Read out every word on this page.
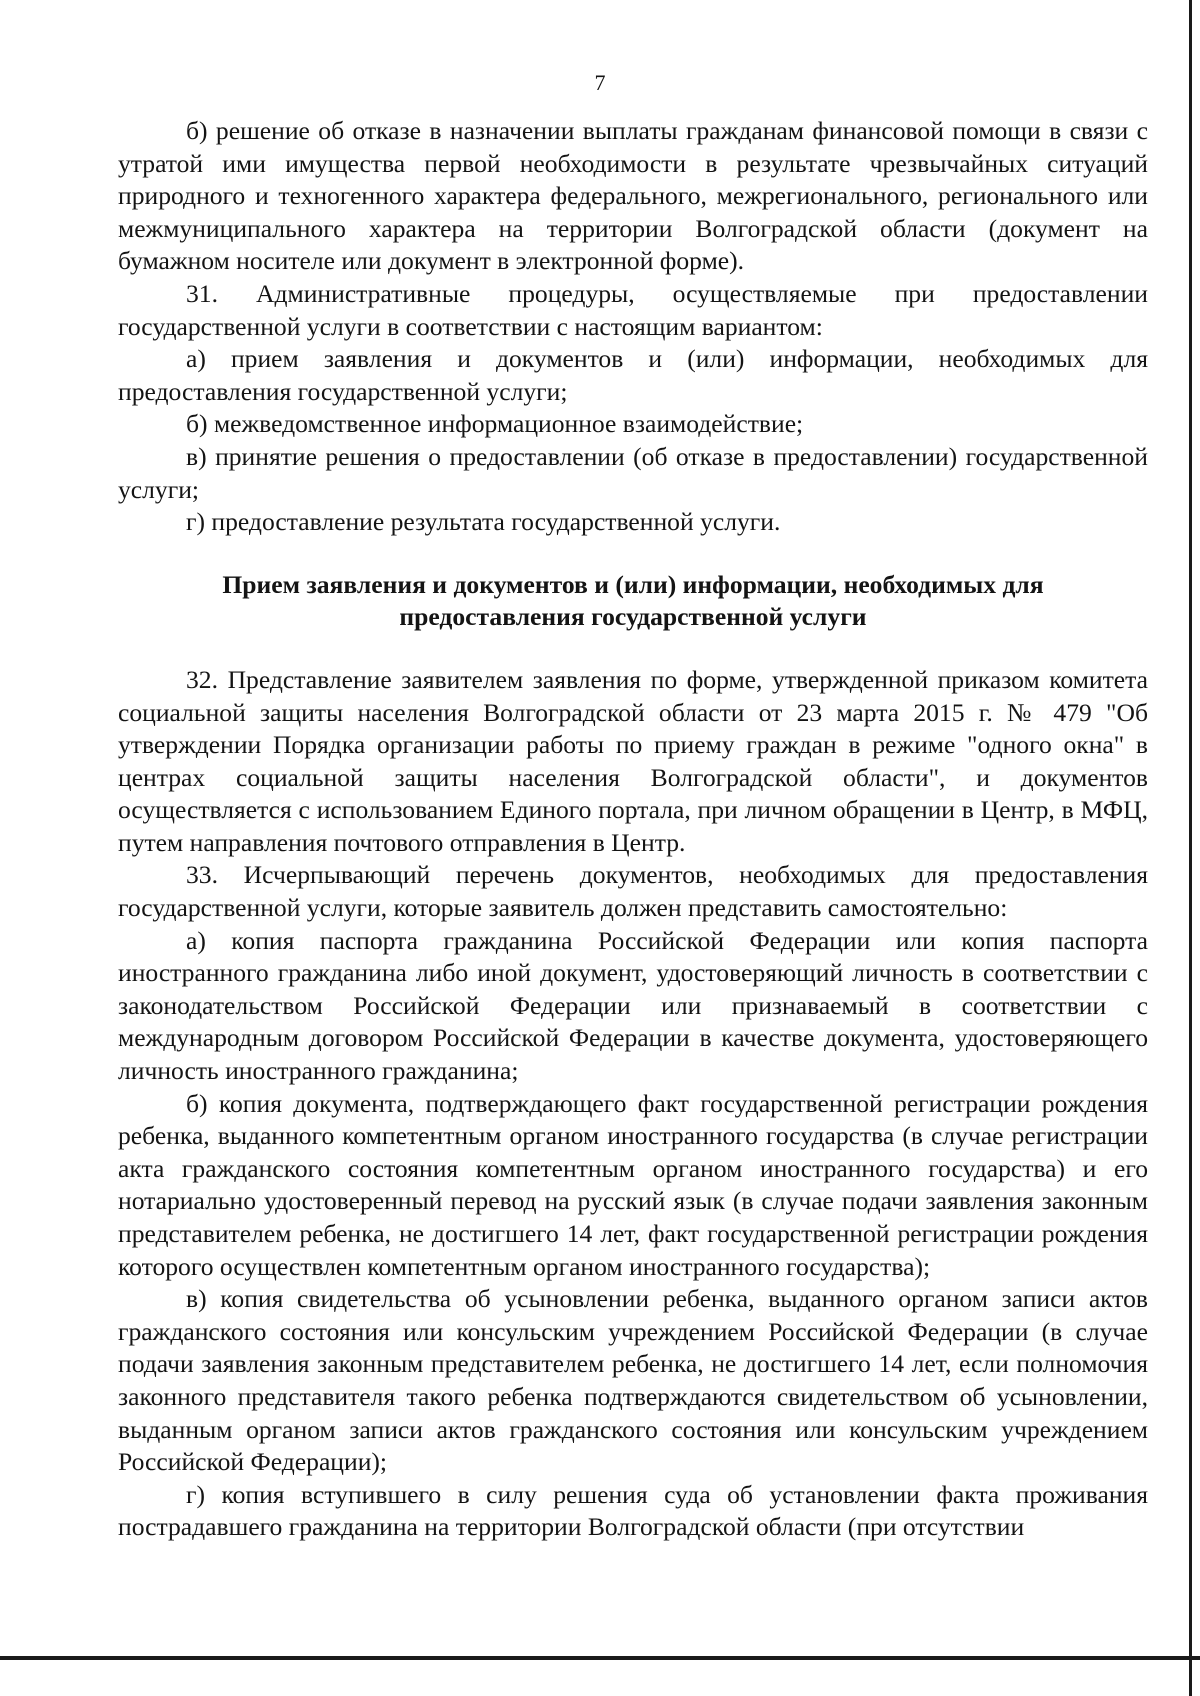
7

б) решение об отказе в назначении выплаты гражданам финансовой помощи в связи с утратой ими имущества первой необходимости в результате чрезвычайных ситуаций природного и техногенного характера федерального, межрегионального, регионального или межмуниципального характера на территории Волгоградской области (документ на бумажном носителе или документ в электронной форме).

31. Административные процедуры, осуществляемые при предоставлении государственной услуги в соответствии с настоящим вариантом:

а) прием заявления и документов и (или) информации, необходимых для предоставления государственной услуги;

б) межведомственное информационное взаимодействие;

в) принятие решения о предоставлении (об отказе в предоставлении) государственной услуги;

г) предоставление результата государственной услуги.

Прием заявления и документов и (или) информации, необходимых для предоставления государственной услуги

32. Представление заявителем заявления по форме, утвержденной приказом комитета социальной защиты населения Волгоградской области от 23 марта 2015 г. № 479 "Об утверждении Порядка организации работы по приему граждан в режиме "одного окна" в центрах социальной защиты населения Волгоградской области", и документов осуществляется с использованием Единого портала, при личном обращении в Центр, в МФЦ, путем направления почтового отправления в Центр.

33. Исчерпывающий перечень документов, необходимых для предоставления государственной услуги, которые заявитель должен представить самостоятельно:

а) копия паспорта гражданина Российской Федерации или копия паспорта иностранного гражданина либо иной документ, удостоверяющий личность в соответствии с законодательством Российской Федерации или признаваемый в соответствии с международным договором Российской Федерации в качестве документа, удостоверяющего личность иностранного гражданина;

б) копия документа, подтверждающего факт государственной регистрации рождения ребенка, выданного компетентным органом иностранного государства (в случае регистрации акта гражданского состояния компетентным органом иностранного государства) и его нотариально удостоверенный перевод на русский язык (в случае подачи заявления законным представителем ребенка, не достигшего 14 лет, факт государственной регистрации рождения которого осуществлен компетентным органом иностранного государства);

в) копия свидетельства об усыновлении ребенка, выданного органом записи актов гражданского состояния или консульским учреждением Российской Федерации (в случае подачи заявления законным представителем ребенка, не достигшего 14 лет, если полномочия законного представителя такого ребенка подтверждаются свидетельством об усыновлении, выданным органом записи актов гражданского состояния или консульским учреждением Российской Федерации);

г) копия вступившего в силу решения суда об установлении факта проживания пострадавшего гражданина на территории Волгоградской области (при отсутствии
